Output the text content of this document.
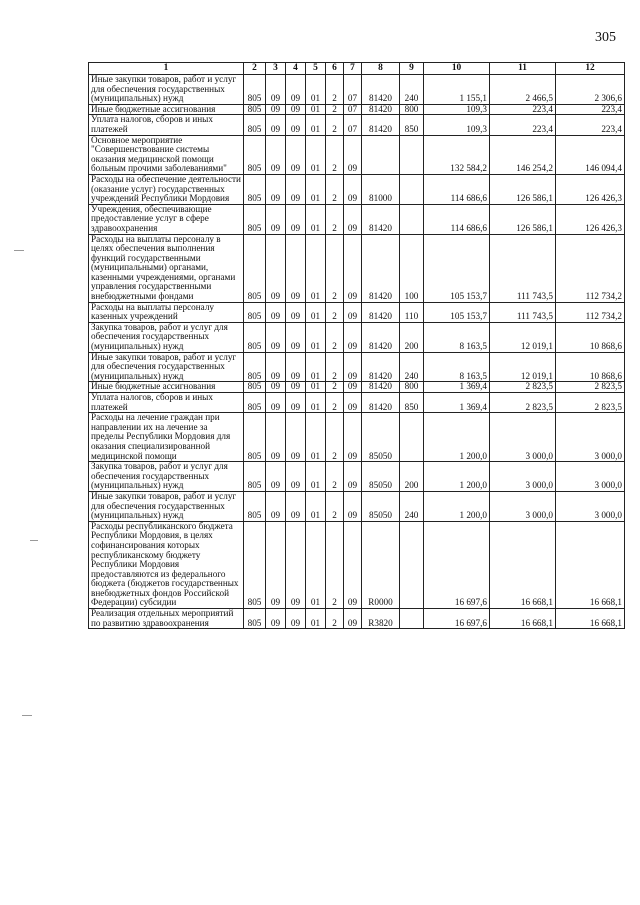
305
1	2	3	4	5	6	7	8	9	10	11	12
Иные закупки товаров, работ и услуг для обеспечения государственных (муниципальных) нужд	805	09	09	01	2	07	81420	240	1 155,1	2 466,5	2 306,6
Иные бюджетные ассигнования	805	09	09	01	2	07	81420	800	109,3	223,4	223,4
Уплата налогов, сборов и иных платежей	805	09	09	01	2	07	81420	850	109,3	223,4	223,4
Основное мероприятие "Совершенствование системы оказания медицинской помощи больным прочими заболеваниями"	805	09	09	01	2	09			132 584,2	146 254,2	146 094,4
Расходы на обеспечение деятельности (оказание услуг) государственных учреждений Республики Мордовия	805	09	09	01	2	09	81000		114 686,6	126 586,1	126 426,3
Учреждения, обеспечивающие предоставление услуг в сфере здравоохранения	805	09	09	01	2	09	81420		114 686,6	126 586,1	126 426,3
Расходы на выплаты персоналу в целях обеспечения выполнения функций государственными (муниципальными) органами, казенными учреждениями, органами управления государственными внебюджетными фондами	805	09	09	01	2	09	81420	100	105 153,7	111 743,5	112 734,2
Расходы на выплаты персоналу казенных учреждений	805	09	09	01	2	09	81420	110	105 153,7	111 743,5	112 734,2
Закупка товаров, работ и услуг для обеспечения государственных (муниципальных) нужд	805	09	09	01	2	09	81420	200	8 163,5	12 019,1	10 868,6
Иные закупки товаров, работ и услуг для обеспечения государственных (муниципальных) нужд	805	09	09	01	2	09	81420	240	8 163,5	12 019,1	10 868,6
Иные бюджетные ассигнования	805	09	09	01	2	09	81420	800	1 369,4	2 823,5	2 823,5
Уплата налогов, сборов и иных платежей	805	09	09	01	2	09	81420	850	1 369,4	2 823,5	2 823,5
Расходы на лечение граждан при направлении их на лечение за пределы Республики Мордовия для оказания специализированной медицинской помощи	805	09	09	01	2	09	85050		1 200,0	3 000,0	3 000,0
Закупка товаров, работ и услуг для обеспечения государственных (муниципальных) нужд	805	09	09	01	2	09	85050	200	1 200,0	3 000,0	3 000,0
Иные закупки товаров, работ и услуг для обеспечения государственных (муниципальных) нужд	805	09	09	01	2	09	85050	240	1 200,0	3 000,0	3 000,0
Расходы республиканского бюджета Республики Мордовия, в целях софинансирования которых республиканскому бюджету Республики Мордовия предоставляются из федерального бюджета (бюджетов государственных внебюджетных фондов Российской Федерации) субсидии	805	09	09	01	2	09	R0000		16 697,6	16 668,1	16 668,1
Реализация отдельных мероприятий по развитию здравоохранения	805	09	09	01	2	09	R3820		16 697,6	16 668,1	16 668,1
